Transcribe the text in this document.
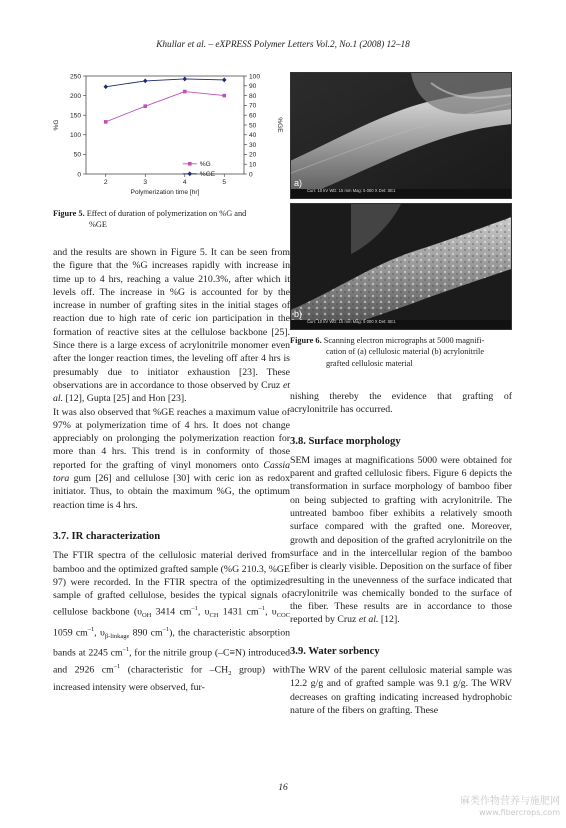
Khullar et al. – eXPRESS Polymer Letters Vol.2, No.1 (2008) 12–18
0
50
100
150
200
250
0
10
20
30
40
50
60
70
80
90
100
2	3	4	5
Polymerization time [hr]
%G	%GE
%G
%GE
Figure 5. Effect of duration of polymerization on %G and
%GE
a)
Curr: 10 kV WD: 15 mm Mag: 5 000 X Det: SE1
b)
Curr: 10 kV WD: 15 mm Mag: 5 000 X Det: SE1
Figure 6. Scanning electron micrographs at 5000 magnifi-
cation of (a) cellulosic material (b) acrylonitrile
grafted cellulosic material

and the results are shown in Figure 5. It can be seen from the figure that the %G increases rapidly with increase in time up to 4 hrs, reaching a value 210.3%, after which it levels off. The increase in %G is accounted for by the increase in number of grafting sites in the initial stages of reaction due to high rate of ceric ion participation in the formation of reactive sites at the cellulose backbone [25]. Since there is a large excess of acrylonitrile monomer even after the longer reaction times, the leveling off after 4 hrs is presumably due to initiator exhaustion [23]. These observations are in accordance to those observed by Cruz et al. [12], Gupta [25] and Hon [23].

It was also observed that %GE reaches a maximum value of 97% at polymerization time of 4 hrs. It does not change appreciably on prolonging the polymerization reaction for more than 4 hrs. This trend is in conformity of those reported for the grafting of vinyl monomers onto Cassia tora gum [26] and cellulose [30] with ceric ion as redox initiator. Thus, to obtain the maximum %G, the optimum reaction time is 4 hrs.

3.7. IR characterization

The FTIR spectra of the cellulosic material derived from bamboo and the optimized grafted sample (%G 210.3, %GE 97) were recorded. In the FTIR spectra of the optimized sample of grafted cellulose, besides the typical signals of cellulose backbone ($\upsilon_{OH}$ 3414 $cm^{-1}$, $\upsilon_{CH}$ 1431 $cm^{-1}$, $\upsilon_{COC}$ 1059 $cm^{-1}$, $\upsilon_{\beta-linkage}$ 890 $cm^{-1}$), the characteristic absorption bands at 2245 $cm^{-1}$, for the nitrile group (–C≡N) introduced and 2926 $cm^{-1}$ (characteristic for $-CH_2$ group) with increased intensity were observed, fur-

nishing thereby the evidence that grafting of acrylonitrile has occurred.

3.8. Surface morphology

SEM images at magnifications 5000 were obtained for parent and grafted cellulosic fibers. Figure 6 depicts the transformation in surface morphology of bamboo fiber on being subjected to grafting with acrylonitrile. The untreated bamboo fiber exhibits a relatively smooth surface compared with the grafted one. Moreover, growth and deposition of the grafted acrylonitrile on the surface and in the intercellular region of the bamboo fiber is clearly visible. Deposition on the surface of fiber resulting in the unevenness of the surface indicated that acrylonitrile was chemically bonded to the surface of the fiber. These results are in accordance to those reported by Cruz et al. [12].

3.9. Water sorbency

The WRV of the parent cellulosic material sample was 12.2 g/g and of grafted sample was 9.1 g/g. The WRV decreases on grafting indicating increased hydrophobic nature of the fibers on grafting. These

16
麻类作物营养与施肥网
www.fibercrops.com
